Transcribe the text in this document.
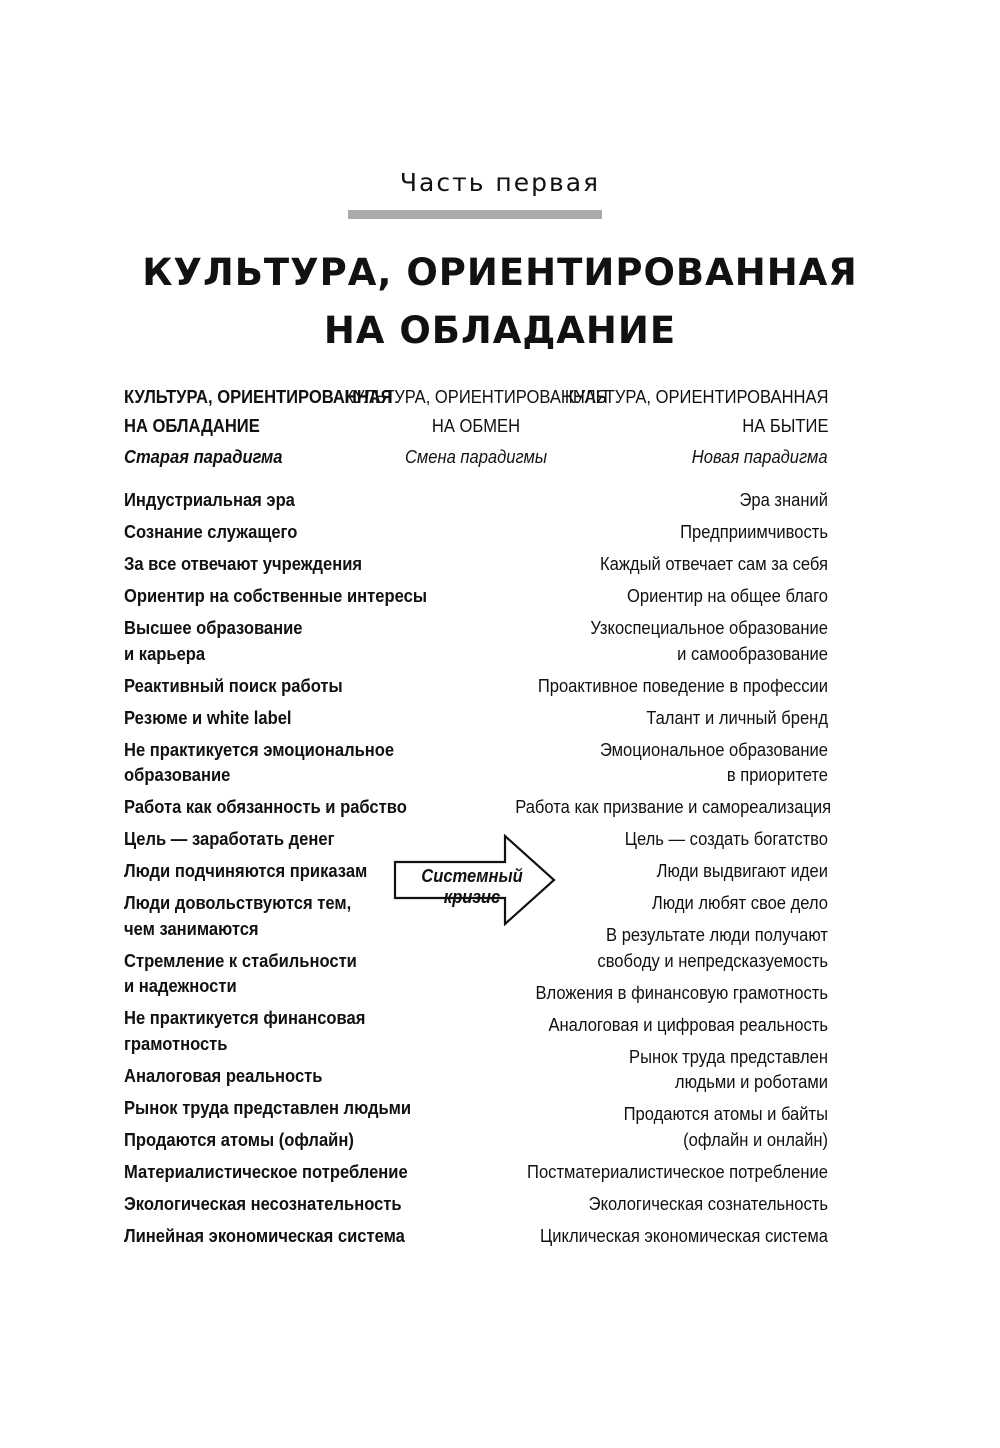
Часть первая
КУЛЬТУРА, ОРИЕНТИРОВАННАЯ
НА ОБЛАДАНИЕ
КУЛЬТУРА, ОРИЕНТИРОВАННАЯ
НА ОБЛАДАНИЕ
КУЛЬТУРА, ОРИЕНТИРОВАННАЯ
НА ОБМЕН
КУЛЬТУРА, ОРИЕНТИРОВАННАЯ
НА БЫТИЕ
Старая парадигма	Смена парадигмы	Новая парадигма
Индустриальная эра
Сознание служащего
За все отвечают учреждения
Ориентир на собственные интересы
Высшее образование
и карьера
Реактивный поиск работы
Резюме и white label
Не практикуется эмоциональное
образование
Работа как обязанность и рабство
Цель — заработать денег
Люди подчиняются приказам
Люди довольствуются тем,
чем занимаются
Стремление к стабильности
и надежности
Не практикуется финансовая
грамотность
Аналоговая реальность
Рынок труда представлен людьми
Продаются атомы (офлайн)
Материалистическое потребление
Экологическая несознательность
Линейная экономическая система
Эра знаний
Предприимчивость
Каждый отвечает сам за себя
Ориентир на общее благо
Узкоспециальное образование
и самообразование
Проактивное поведение в профессии
Талант и личный бренд
Эмоциональное образование
в приоритете
Работа как призвание и самореализация
Цель — создать богатство
Люди выдвигают идеи
Люди любят свое дело
В результате люди получают
свободу и непредсказуемость
Вложения в финансовую грамотность
Аналоговая и цифровая реальность
Рынок труда представлен
людьми и роботами
Продаются атомы и байты
(офлайн и онлайн)
Постматериалистическое потребление
Экологическая сознательность
Циклическая экономическая система
Системный кризис
